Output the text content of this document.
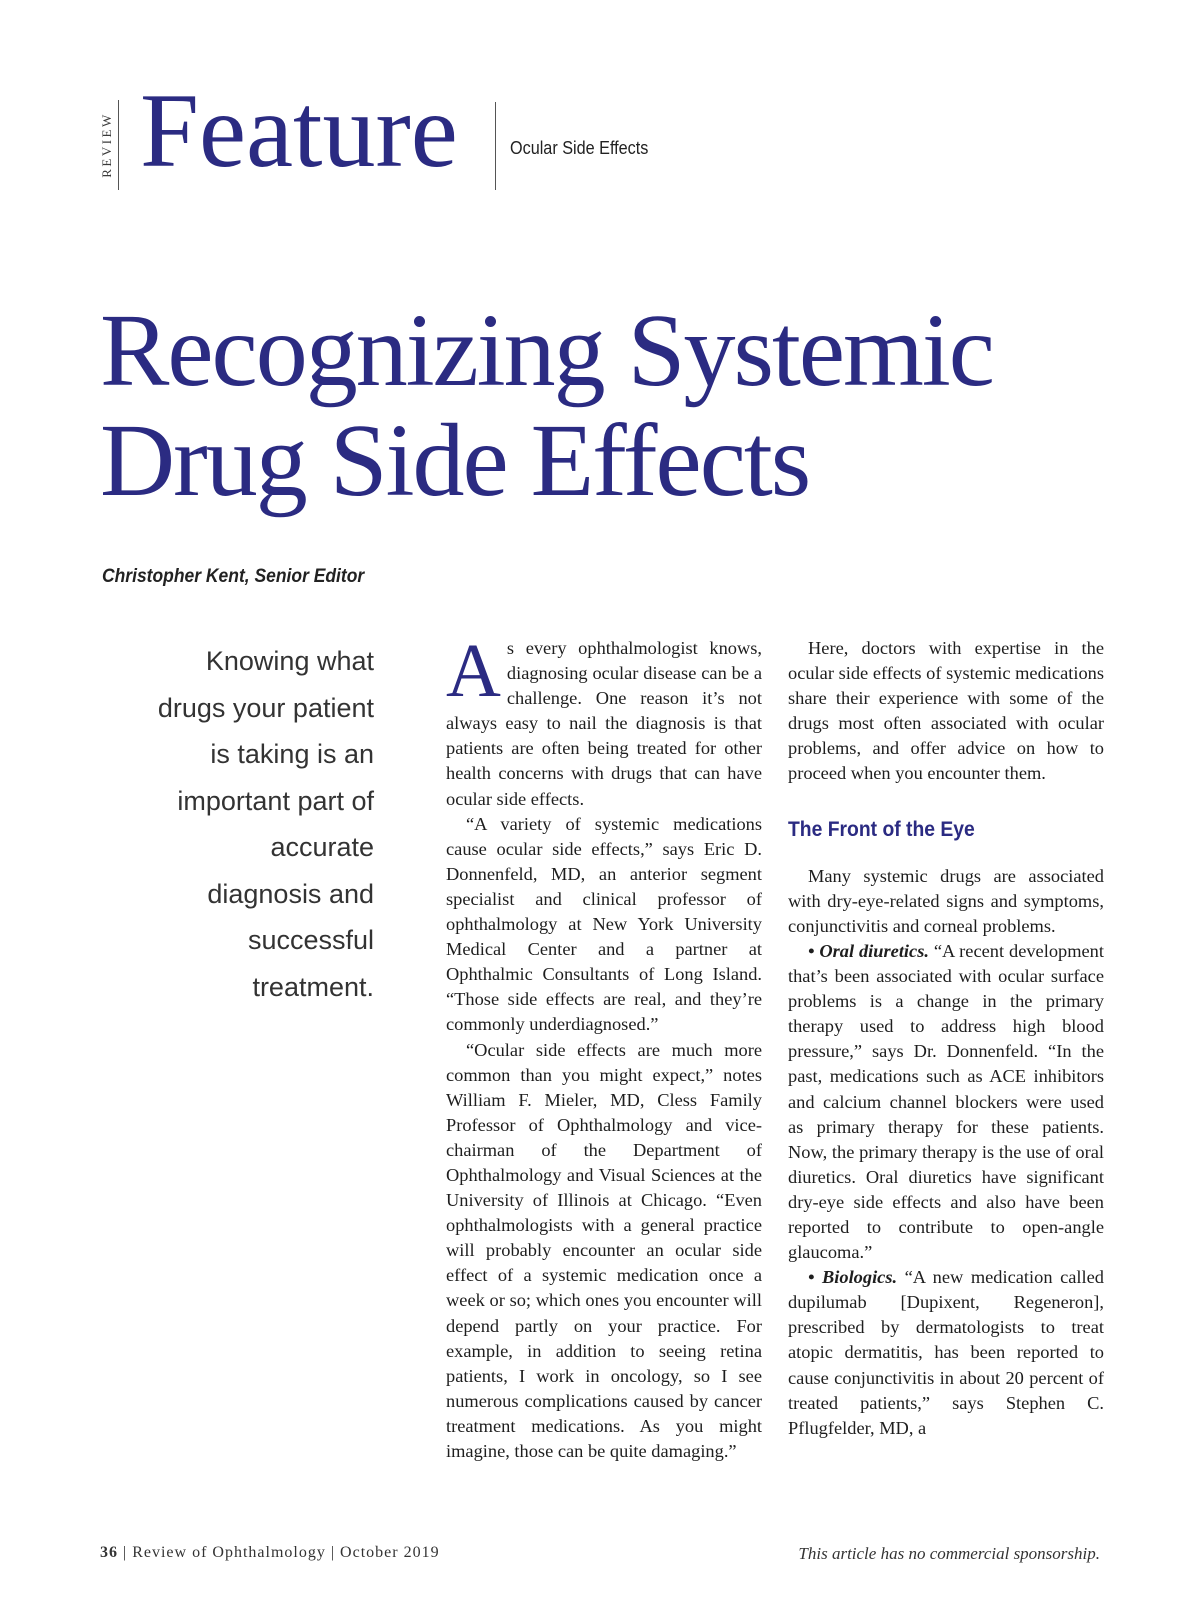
REVIEW Feature	Ocular Side Effects
Recognizing Systemic
Drug Side Effects
Christopher Kent, Senior Editor
Knowing what drugs your patient is taking is an important part of accurate diagnosis and successful treatment.

As every ophthalmologist knows, diagnosing ocular disease can be a challenge. One reason it’s not always easy to nail the diagnosis is that patients are often being treated for other health concerns with drugs that can have ocular side effects.

“A variety of systemic medications cause ocular side effects,” says Eric D. Donnenfeld, MD, an anterior segment specialist and clinical professor of ophthalmology at New York University Medical Center and a partner at Ophthalmic Consultants of Long Island. “Those side effects are real, and they’re commonly underdiagnosed.”

“Ocular side effects are much more common than you might expect,” notes William F. Mieler, MD, Cless Family Professor of Ophthalmology and vice-chairman of the Department of Ophthalmology and Visual Sciences at the University of Illinois at Chicago. “Even ophthalmologists with a general practice will probably encounter an ocular side effect of a systemic medication once a week or so; which ones you encounter will depend partly on your practice. For example, in addition to seeing retina patients, I work in oncology, so I see numerous complications caused by cancer treatment medications. As you might imagine, those can be quite damaging.”

Here, doctors with expertise in the ocular side effects of systemic medications share their experience with some of the drugs most often associated with ocular problems, and offer advice on how to proceed when you encounter them.

The Front of the Eye

Many systemic drugs are associated with dry-eye-related signs and symptoms, conjunctivitis and corneal problems.

• Oral diuretics. “A recent development that’s been associated with ocular surface problems is a change in the primary therapy used to address high blood pressure,” says Dr. Donnenfeld. “In the past, medications such as ACE inhibitors and calcium channel blockers were used as primary therapy for these patients. Now, the primary therapy is the use of oral diuretics. Oral diuretics have significant dry-eye side effects and also have been reported to contribute to open-angle glaucoma.”

• Biologics. “A new medication called dupilumab [Dupixent, Regeneron], prescribed by dermatologists to treat atopic dermatitis, has been reported to cause conjunctivitis in about 20 percent of treated patients,” says Stephen C. Pflugfelder, MD, a

36 | Review of Ophthalmology | October 2019	This article has no commercial sponsorship.
